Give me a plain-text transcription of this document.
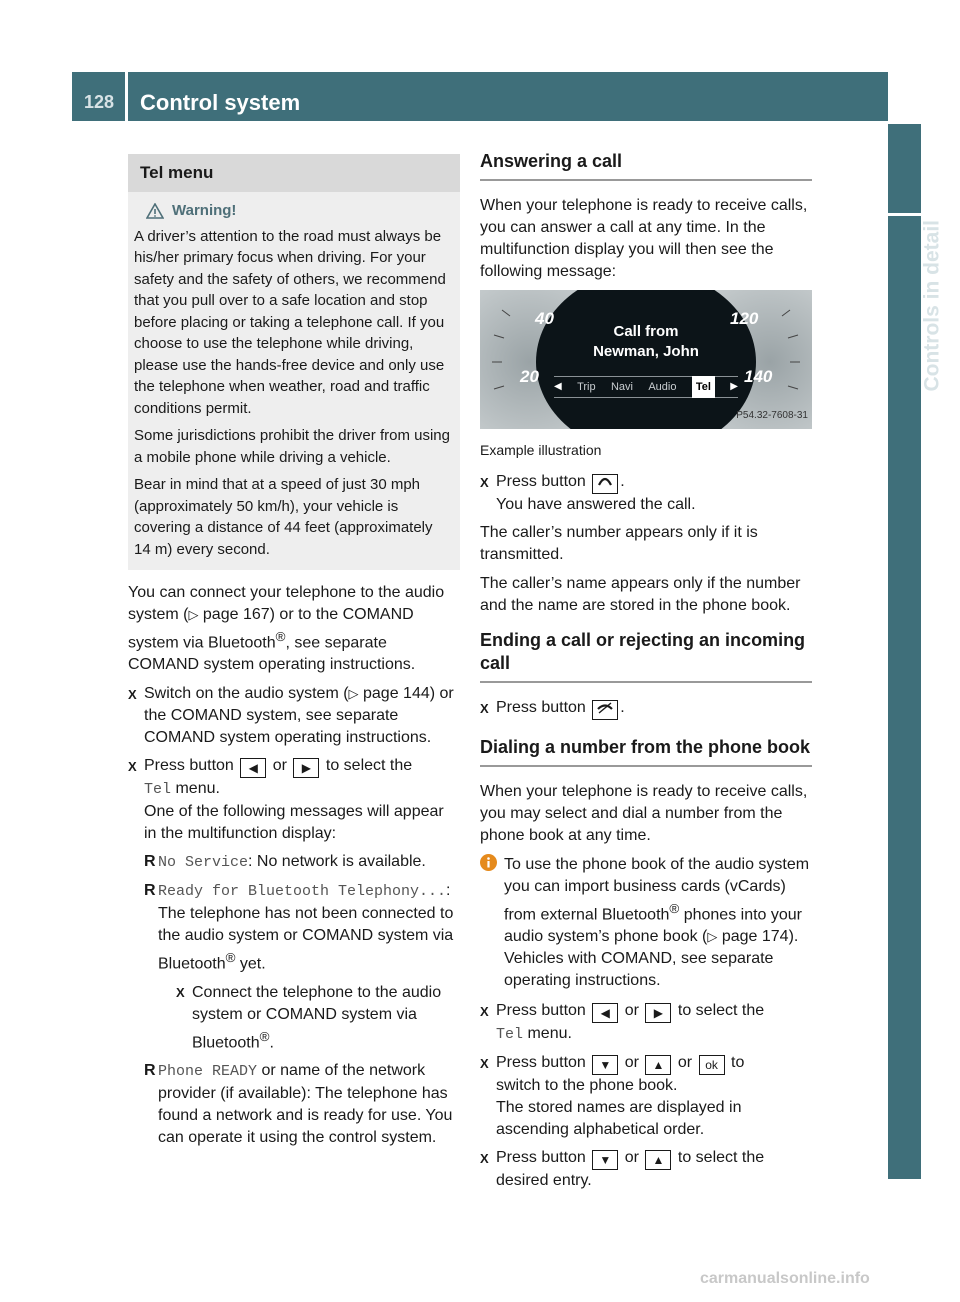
128 Control system
Controls in detail
Tel menu
Warning!

A driver’s attention to the road must always be his/her primary focus when driving. For your safety and the safety of others, we recommend that you pull over to a safe location and stop before placing or taking a telephone call. If you choose to use the telephone while driving, please use the hands-free device and only use the telephone when weather, road and traffic conditions permit.

Some jurisdictions prohibit the driver from using a mobile phone while driving a vehicle.

Bear in mind that at a speed of just 30 mph (approximately 50 km/h), your vehicle is covering a distance of 44 feet (approximately 14 m) every second.

You can connect your telephone to the audio system (▷ page 167) or to the COMAND system via Bluetooth®, see separate COMAND system operating instructions.

X Switch on the audio system (▷ page 144) or the COMAND system, see separate COMAND system operating instructions.
X Press button ◀ or ▶ to select the
Tel menu.
One of the following messages will appear in the multifunction display:
R No Service: No network is available.
R Ready for Bluetooth Telephony...:
The telephone has not been connected to the audio system or COMAND system via Bluetooth® yet.
X Connect the telephone to the audio system or COMAND system via Bluetooth®.
R Phone READY or name of the network provider (if available): The telephone has found a network and is ready for use. You can operate it using the control system.
Answering a call

When your telephone is ready to receive calls, you can answer a call at any time. In the multifunction display you will then see the following message:

40	120
20	140
Call from
Newman, John
◀ Trip Navi Audio	Tel	▶
P54.32-7608-31

Example illustration

X Press button .
You have answered the call.

The caller’s number appears only if it is transmitted.

The caller’s name appears only if the number and the name are stored in the phone book.

Ending a call or rejecting an incoming call
X Press button .
Dialing a number from the phone book

When your telephone is ready to receive calls, you may select and dial a number from the phone book at any time.

To use the phone book of the audio system you can import business cards (vCards) from external Bluetooth® phones into your audio system’s phone book (▷ page 174). Vehicles with COMAND, see separate operating instructions.
X Press button ◀ or ▶ to select the
Tel menu.
X Press button ▼ or ▲ or ok to
switch to the phone book.
The stored names are displayed in ascending alphabetical order.
X Press button ▼ or ▲ to select the desired entry.
carmanualsonline.info
